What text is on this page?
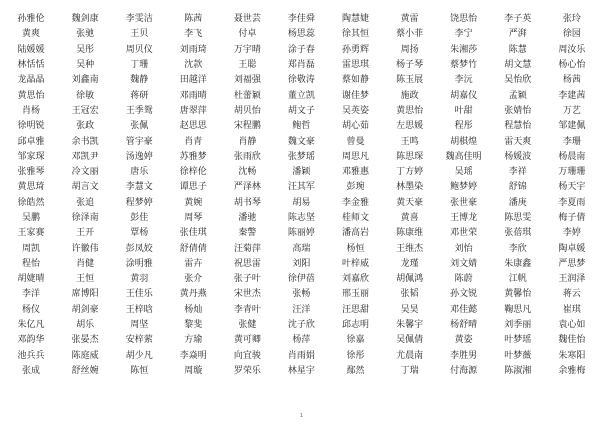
孙雅伦	魏剑康	李雯洁	陈茜	聂世芸	李佳舜	陶慧婕	黄雷	饶思怡	李子英	张玲
黄爽	张驰	王贝	李飞	付卓	杨思蕊	徐其恒	蔡小菲	李宁	严湃	徐园
陆媛媛	吴彤	周贝仪	刘雨琦	万宇晴	涂子春	孙勇辉	周扬	朱湘莎	陈慧	周汝乐
林恬恬	吴种	丁珊	沈款	王聪	郑肖磊	雷思琪	杨子琴	蔡梦竹	胡文慧	杨心怡
龙晶晶	刘鑫南	魏静	田越洋	刘福强	徐敬涛	蔡如静	陈玉展	李沅	吴怡欣	杨茜
黄思怡	徐敏	蒋研	邓雨晴	杜蕾颖	董立凯	谢佳梦	施政	胡嘉仪	孟颖	李建茜
肖杨	王冠宏	王季鸳	唐翠萍	胡贝怡	胡文子	吴英姿	黄思怡	叶甜	张婧怡	万艺
徐明锐	张政	张佩	赵思思	宋程鹏	鲍哲	胡心茹	左思媛	程彤	程慧怡	邹建佩
邱卓雅	余书凯	管宇豪	肖青	肖静	魏文豪	曾曼	王鸣	胡棋煌	雷天爽	李珊
邹家琛	邓凯尹	汤逸婷	苏雅梦	张雨欣	张梦瑶	周思凡	陈思琛	魏高佳明	杨媛波	杨晨南
张雅琴	冷文丽	唐乐	徐梓伦	沈畅	潘颖	邓雅惠	丁方婷	吴瑶	李祥	万珊珊
黄思琦	胡言文	李慧文	谭思子	严泽林	汪其军	彭琬	林墨染	鲍梦婷	舒锦	杨天宇
徐皓然	张追	程梦婷	黄婉	胡书琴	胡易	李金雅	黄天豪	张世豪	潘庚	李夏雨
吴鹏	徐泽南	彭佳	周琴	潘驰	陈志坚	桂师文	黄喜	王博龙	陈思雯	梅子倩
王家赛	王开	覃杨	张佳琪	秦警	陈丽婷	潘高岩	陈康维	邓世荣	张蓓琪	李婷
周凯	许徽伟	彭凤姣	舒倩倩	汪菊萍	高瑞	杨恒	王维杰	刘怡	李欣	陶卓媛
程怡	肖健	涂明雅	雷卉	祝思雷	刘阳	叶梓威	龙瑾	刘文婧	朱康鑫	严思梦
胡婕晴	王恒	黄羽	张介	张子叶	徐伊蓓	刘嘉欣	胡佩鸿	陈蔚	江帆	王润泽
李洋	席博阳	王佳乐	黄丹燕	宋世杰	张畅	邢玉丽	张韬	孙文锐	黄馨怡	蒋云
杨仪	胡剑豪	王梓晗	杨灿	李青叶	汪洋	汪思甜	吴昊	邓佳懿	鞠思凡	崔琪
朱亿凡	胡乐	周坚	黎斐	张健	沈子欣	邱志明	朱馨宇	杨舒晴	刘季丽	袁心如
邓韵华	张晏杰	安梓萦	方瑜	黄可卿	杨萍	徐嘉	吴佩倩	黄姿	叶梦瑶	魏佳怡
池兵兵	陈庭威	胡少凡	李焱明	向宜骏	肖雨娟	徐彤	尤晨南	李胜男	叶梦薇	朱寒阳
张成	舒丝婉	陈恒	周璇	罗荣乐	林星宇	鄢然	丁瑞	付海源	陈淑湘	余雅梅
1
